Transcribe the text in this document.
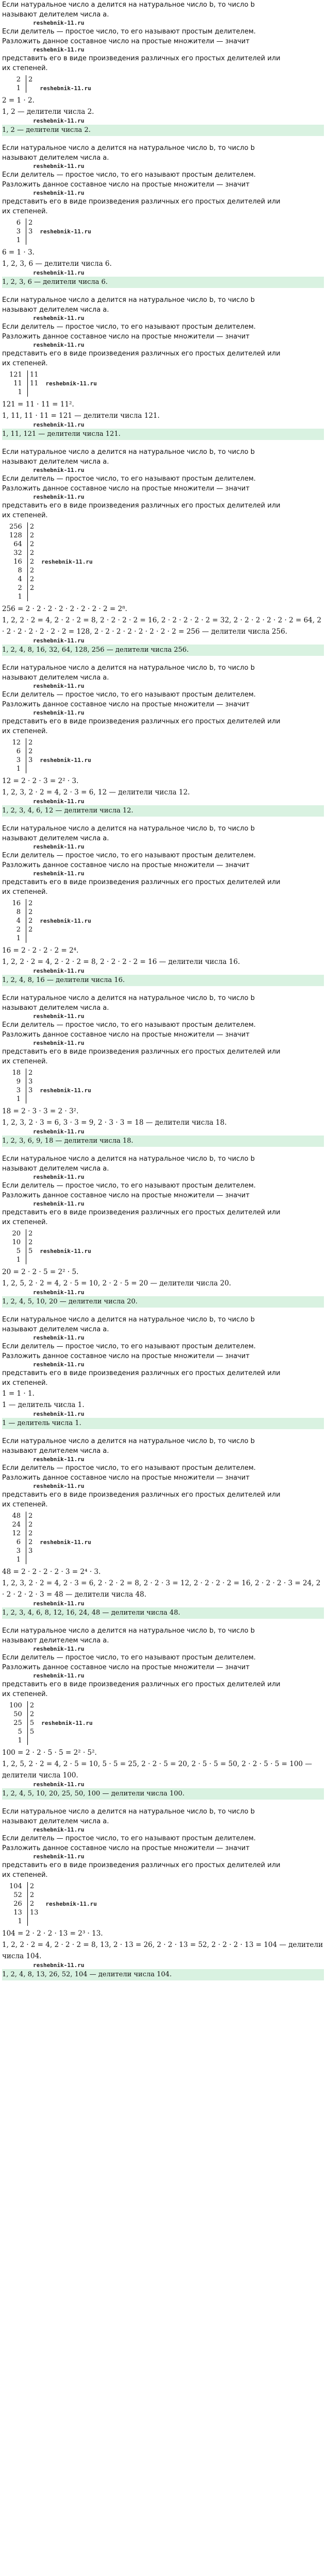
Если натуральное число a делится на натуральное число b, то число b
называют делителем числа a.
reshebnik-11.ru
Если делитель — простое число, то его называют простым делителем.
Разложить данное составное число на простые множители — значит
reshebnik-11.ru
представить его в виде произведения различных его простых делителей или
их степеней.
2	2	
1		reshebnik-11.ru
2 = 1 · 2.
1, 2 — делители числа 2.
reshebnik-11.ru
1, 2 — делители числа 2.
Если натуральное число a делится на натуральное число b, то число b
называют делителем числа a.
reshebnik-11.ru
Если делитель — простое число, то его называют простым делителем.
Разложить данное составное число на простые множители — значит
reshebnik-11.ru
представить его в виде произведения различных его простых делителей или
их степеней.
6	2	
3	3	reshebnik-11.ru
1		
6 = 1 · 3.
1, 2, 3, 6 — делители числа 6.
reshebnik-11.ru
1, 2, 3, 6 — делители числа 6.
Если натуральное число a делится на натуральное число b, то число b
называют делителем числа a.
reshebnik-11.ru
Если делитель — простое число, то его называют простым делителем.
Разложить данное составное число на простые множители — значит
reshebnik-11.ru
представить его в виде произведения различных его простых делителей или
их степеней.
121	11	
11	11	reshebnik-11.ru
1		
121 = 11 · 11 = 11².
1, 11, 11 · 11 = 121 — делители числа 121.
reshebnik-11.ru
1, 11, 121 — делители числа 121.
Если натуральное число a делится на натуральное число b, то число b
называют делителем числа a.
reshebnik-11.ru
Если делитель — простое число, то его называют простым делителем.
Разложить данное составное число на простые множители — значит
reshebnik-11.ru
представить его в виде произведения различных его простых делителей или
их степеней.
256	2	
128	2	
64	2	
32	2	
16	2	reshebnik-11.ru
8	2	
4	2	
2	2	
1		
256 = 2 · 2 · 2 · 2 · 2 · 2 · 2 · 2 = 2⁸.
1, 2, 2 · 2 = 4, 2 · 2 · 2 = 8, 2 · 2 · 2 · 2 = 16, 2 · 2 · 2 · 2 · 2 = 32, 2 · 2 · 2 · 2 · 2 · 2 = 64, 2 · 2 · 2 · 2 · 2 · 2 · 2 = 128, 2 · 2 · 2 · 2 · 2 · 2 · 2 · 2 = 256 — делители числа 256.
reshebnik-11.ru
1, 2, 4, 8, 16, 32, 64, 128, 256 — делители числа 256.
Если натуральное число a делится на натуральное число b, то число b
называют делителем числа a.
reshebnik-11.ru
Если делитель — простое число, то его называют простым делителем.
Разложить данное составное число на простые множители — значит
reshebnik-11.ru
представить его в виде произведения различных его простых делителей или
их степеней.
12	2	
6	2	
3	3	reshebnik-11.ru
1		
12 = 2 · 2 · 3 = 2² · 3.
1, 2, 3, 2 · 2 = 4, 2 · 3 = 6, 12 — делители числа 12.
reshebnik-11.ru
1, 2, 3, 4, 6, 12 — делители числа 12.
Если натуральное число a делится на натуральное число b, то число b
называют делителем числа a.
reshebnik-11.ru
Если делитель — простое число, то его называют простым делителем.
Разложить данное составное число на простые множители — значит
reshebnik-11.ru
представить его в виде произведения различных его простых делителей или
их степеней.
16	2	
8	2	
4	2	reshebnik-11.ru
2	2	
1		
16 = 2 · 2 · 2 · 2 = 2⁴.
1, 2, 2 · 2 = 4, 2 · 2 · 2 = 8, 2 · 2 · 2 · 2 = 16 — делители числа 16.
reshebnik-11.ru
1, 2, 4, 8, 16 — делители числа 16.
Если натуральное число a делится на натуральное число b, то число b
называют делителем числа a.
reshebnik-11.ru
Если делитель — простое число, то его называют простым делителем.
Разложить данное составное число на простые множители — значит
reshebnik-11.ru
представить его в виде произведения различных его простых делителей или
их степеней.
18	2	
9	3	
3	3	reshebnik-11.ru
1		
18 = 2 · 3 · 3 = 2 · 3².
1, 2, 3, 2 · 3 = 6, 3 · 3 = 9, 2 · 3 · 3 = 18 — делители числа 18.
reshebnik-11.ru
1, 2, 3, 6, 9, 18 — делители числа 18.
Если натуральное число a делится на натуральное число b, то число b
называют делителем числа a.
reshebnik-11.ru
Если делитель — простое число, то его называют простым делителем.
Разложить данное составное число на простые множители — значит
reshebnik-11.ru
представить его в виде произведения различных его простых делителей или
их степеней.
20	2	
10	2	
5	5	reshebnik-11.ru
1		
20 = 2 · 2 · 5 = 2² · 5.
1, 2, 5, 2 · 2 = 4, 2 · 5 = 10, 2 · 2 · 5 = 20 — делители числа 20.
reshebnik-11.ru
1, 2, 4, 5, 10, 20 — делители числа 20.
Если натуральное число a делится на натуральное число b, то число b
называют делителем числа a.
reshebnik-11.ru
Если делитель — простое число, то его называют простым делителем.
Разложить данное составное число на простые множители — значит
reshebnik-11.ru
представить его в виде произведения различных его простых делителей или
их степеней.
1 = 1 · 1.
1 — делитель числа 1.
reshebnik-11.ru
1 — делитель числа 1.
Если натуральное число a делится на натуральное число b, то число b
называют делителем числа a.
reshebnik-11.ru
Если делитель — простое число, то его называют простым делителем.
Разложить данное составное число на простые множители — значит
reshebnik-11.ru
представить его в виде произведения различных его простых делителей или
их степеней.
48	2	
24	2	
12	2	
6	2	reshebnik-11.ru
3	3	
1		
48 = 2 · 2 · 2 · 2 · 3 = 2⁴ · 3.
1, 2, 3, 2 · 2 = 4, 2 · 3 = 6, 2 · 2 · 2 = 8, 2 · 2 · 3 = 12, 2 · 2 · 2 · 2 = 16, 2 · 2 · 2 · 3 = 24, 2 · 2 · 2 · 2 · 3 = 48 — делители числа 48.
reshebnik-11.ru
1, 2, 3, 4, 6, 8, 12, 16, 24, 48 — делители числа 48.
Если натуральное число a делится на натуральное число b, то число b
называют делителем числа a.
reshebnik-11.ru
Если делитель — простое число, то его называют простым делителем.
Разложить данное составное число на простые множители — значит
reshebnik-11.ru
представить его в виде произведения различных его простых делителей или
их степеней.
100	2	
50	2	
25	5	reshebnik-11.ru
5	5	
1		
100 = 2 · 2 · 5 · 5 = 2² · 5².
1, 2, 5, 2 · 2 = 4, 2 · 5 = 10, 5 · 5 = 25, 2 · 2 · 5 = 20, 2 · 5 · 5 = 50, 2 · 2 · 5 · 5 = 100 — делители числа 100.
reshebnik-11.ru
1, 2, 4, 5, 10, 20, 25, 50, 100 — делители числа 100.
Если натуральное число a делится на натуральное число b, то число b
называют делителем числа a.
reshebnik-11.ru
Если делитель — простое число, то его называют простым делителем.
Разложить данное составное число на простые множители — значит
reshebnik-11.ru
представить его в виде произведения различных его простых делителей или
их степеней.
104	2	
52	2	
26	2	reshebnik-11.ru
13	13	
1		
104 = 2 · 2 · 2 · 13 = 2³ · 13.
1, 2, 2 · 2 = 4, 2 · 2 · 2 = 8, 13, 2 · 13 = 26, 2 · 2 · 13 = 52, 2 · 2 · 2 · 13 = 104 — делители числа 104.
reshebnik-11.ru
1, 2, 4, 8, 13, 26, 52, 104 — делители числа 104.
